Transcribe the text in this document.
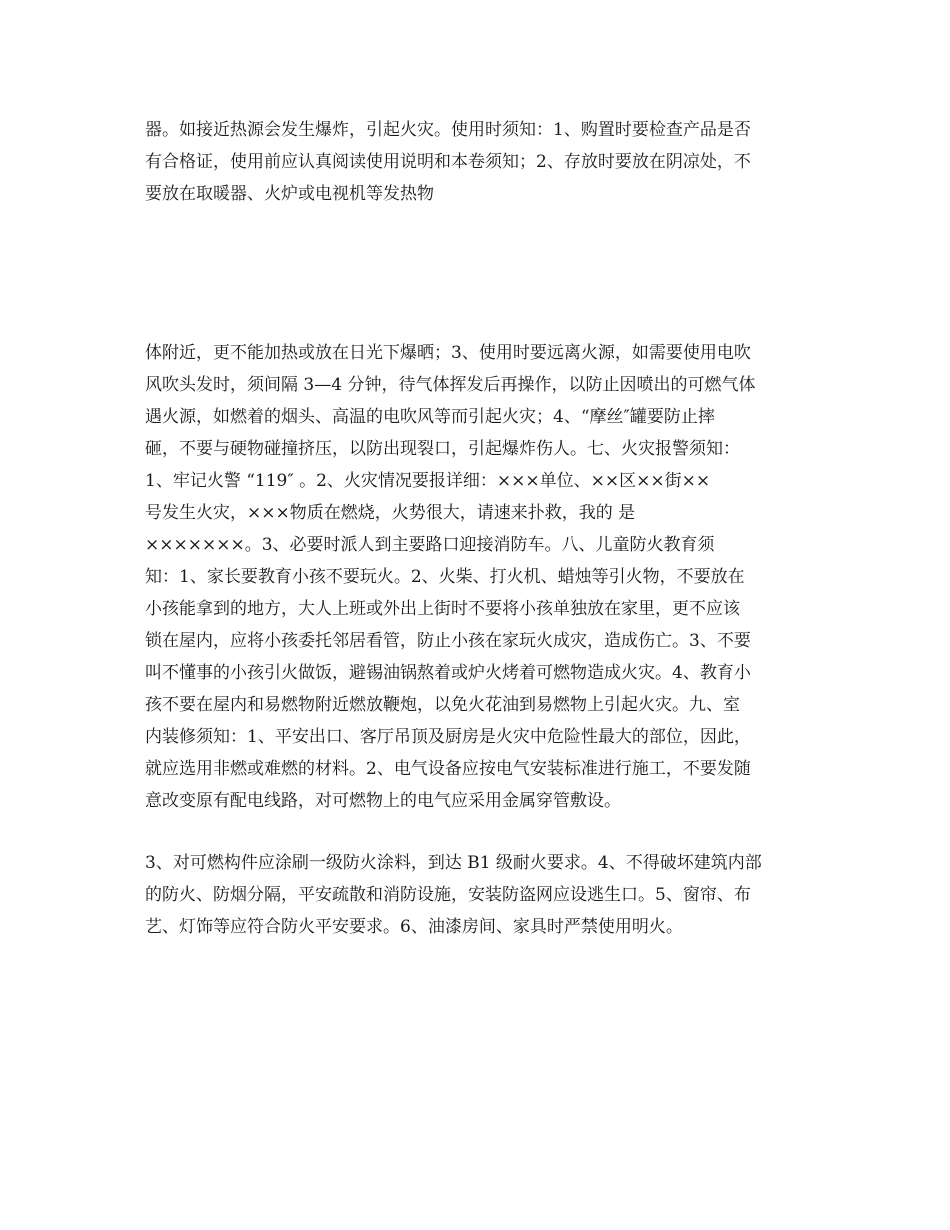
器。如接近热源会发生爆炸，引起火灾。使用时须知：1、购置时要检查产品是否
有合格证，使用前应认真阅读使用说明和本卷须知；2、存放时要放在阴凉处，不
要放在取暖器、火炉或电视机等发热物
体附近，更不能加热或放在日光下爆晒；3、使用时要远离火源，如需要使用电吹
风吹头发时，须间隔 3—4 分钟，待气体挥发后再操作，以防止因喷出的可燃气体
遇火源，如燃着的烟头、高温的电吹风等而引起火灾；4、“摩丝″罐要防止摔
砸，不要与硬物碰撞挤压，以防出现裂口，引起爆炸伤人。七、火灾报警须知：
1、牢记火警 “119″ 。2、火灾情况要报详细：×××单位、××区××街××
号发生火灾，×××物质在燃烧，火势很大，请速来扑救，我的 是
×××××××。3、必要时派人到主要路口迎接消防车。八、儿童防火教育须
知：1、家长要教育小孩不要玩火。2、火柴、打火机、蜡烛等引火物，不要放在
小孩能拿到的地方，大人上班或外出上街时不要将小孩单独放在家里，更不应该
锁在屋内，应将小孩委托邻居看管，防止小孩在家玩火成灾，造成伤亡。3、不要
叫不懂事的小孩引火做饭，避锡油锅熬着或炉火烤着可燃物造成火灾。4、教育小
孩不要在屋内和易燃物附近燃放鞭炮，以免火花油到易燃物上引起火灾。九、室
内装修须知：1、平安出口、客厅吊顶及厨房是火灾中危险性最大的部位，因此，
就应选用非燃或难燃的材料。2、电气设备应按电气安装标准进行施工，不要发随
意改变原有配电线路，对可燃物上的电气应采用金属穿管敷设。
3、对可燃构件应涂刷一级防火涂料，到达 B1 级耐火要求。4、不得破坏建筑内部
的防火、防烟分隔，平安疏散和消防设施，安装防盗网应设逃生口。5、窗帘、布
艺、灯饰等应符合防火平安要求。6、油漆房间、家具时严禁使用明火。
